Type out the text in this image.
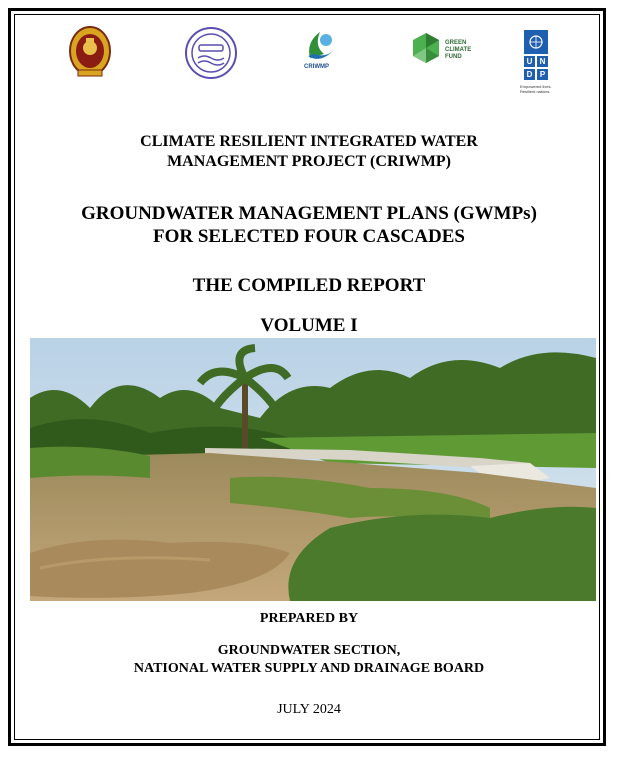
CRIWMP
GREEN
CLIMATE
FUND	U N
D P
Empowered lives.
Resilient nations.
CLIMATE RESILIENT INTEGRATED WATER
MANAGEMENT PROJECT (CRIWMP)
GROUNDWATER MANAGEMENT PLANS (GWMPs)
FOR SELECTED FOUR CASCADES
THE COMPILED REPORT
VOLUME I
PREPARED BY
GROUNDWATER SECTION,
NATIONAL WATER SUPPLY AND DRAINAGE BOARD
JULY 2024
